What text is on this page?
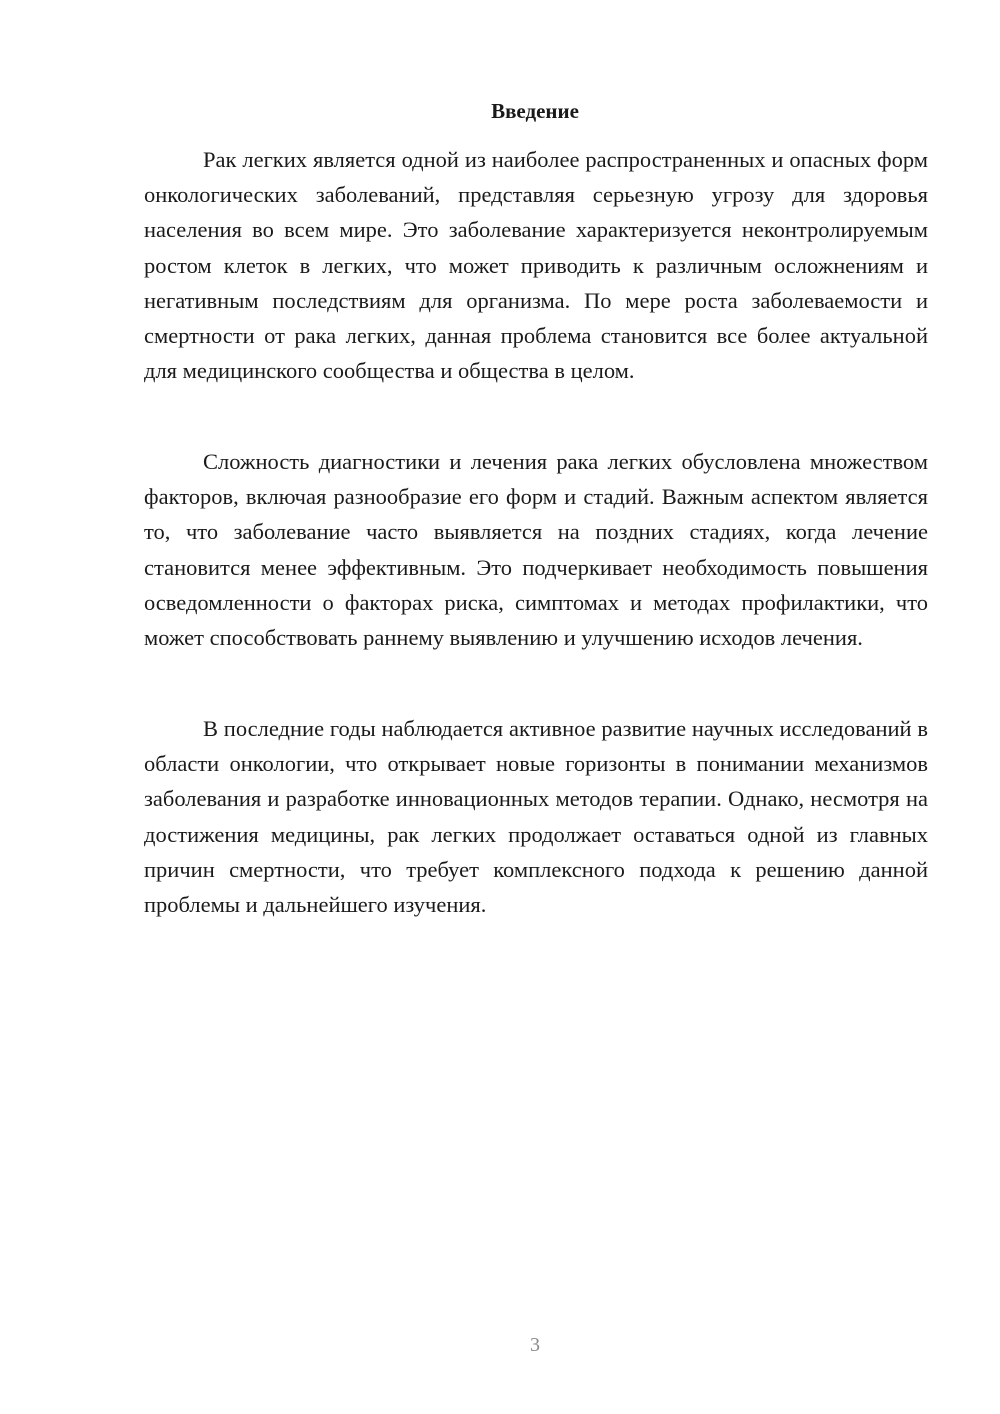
Введение

Рак легких является одной из наиболее распространенных и опасных форм онкологических заболеваний, представляя серьезную угрозу для здоровья населения во всем мире. Это заболевание характеризуется неконтролируемым ростом клеток в легких, что может приводить к различным осложнениям и негативным последствиям для организма. По мере роста заболеваемости и смертности от рака легких, данная проблема становится все более актуальной для медицинского сообщества и общества в целом.

Сложность диагностики и лечения рака легких обусловлена множеством факторов, включая разнообразие его форм и стадий. Важным аспектом является то, что заболевание часто выявляется на поздних стадиях, когда лечение становится менее эффективным. Это подчеркивает необходимость повышения осведомленности о факторах риска, симптомах и методах профилактики, что может способствовать раннему выявлению и улучшению исходов лечения.

В последние годы наблюдается активное развитие научных исследований в области онкологии, что открывает новые горизонты в понимании механизмов заболевания и разработке инновационных методов терапии. Однако, несмотря на достижения медицины, рак легких продолжает оставаться одной из главных причин смертности, что требует комплексного подхода к решению данной проблемы и дальнейшего изучения.

3
